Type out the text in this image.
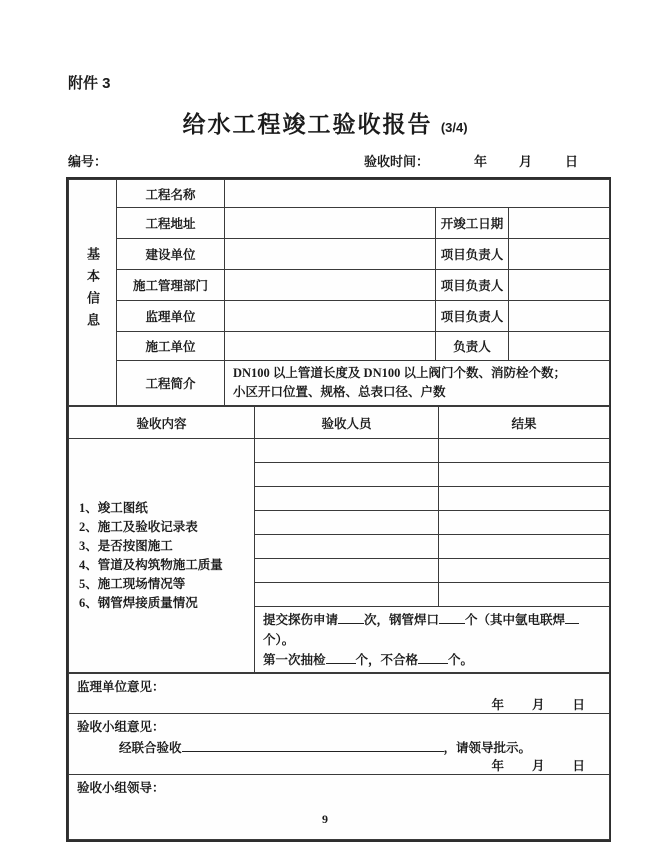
附件 3
给水工程竣工验收报告 (3/4)
编号：	验收时间：	年 月	日
基本信息	工程名称			
	工程地址		开竣工日期	
	建设单位		项目负责人	
	施工管理部门		项目负责人	
	监理单位		项目负责人	
	施工单位		负责人	
	工程简介	DN100 以上管道长度及 DN100 以上阀门个数、消防栓个数；
小区开口位置、规格、总表口径、户数		
验收内容	验收人员	结果

1、竣工图纸
2、施工及验收记录表
3、是否按图施工
4、管道及构筑物施工质量
5、施工现场情况等
6、钢管焊接质量情况

	提交探伤申请 次，钢管焊口 个（其中氩电联焊个）。
第一次抽检 个，不合格 个。	
监理单位意见：
年 月 日

验收小组意见：
经联合验收	，请领导批示。
年 月 日

验收小组领导：
9
